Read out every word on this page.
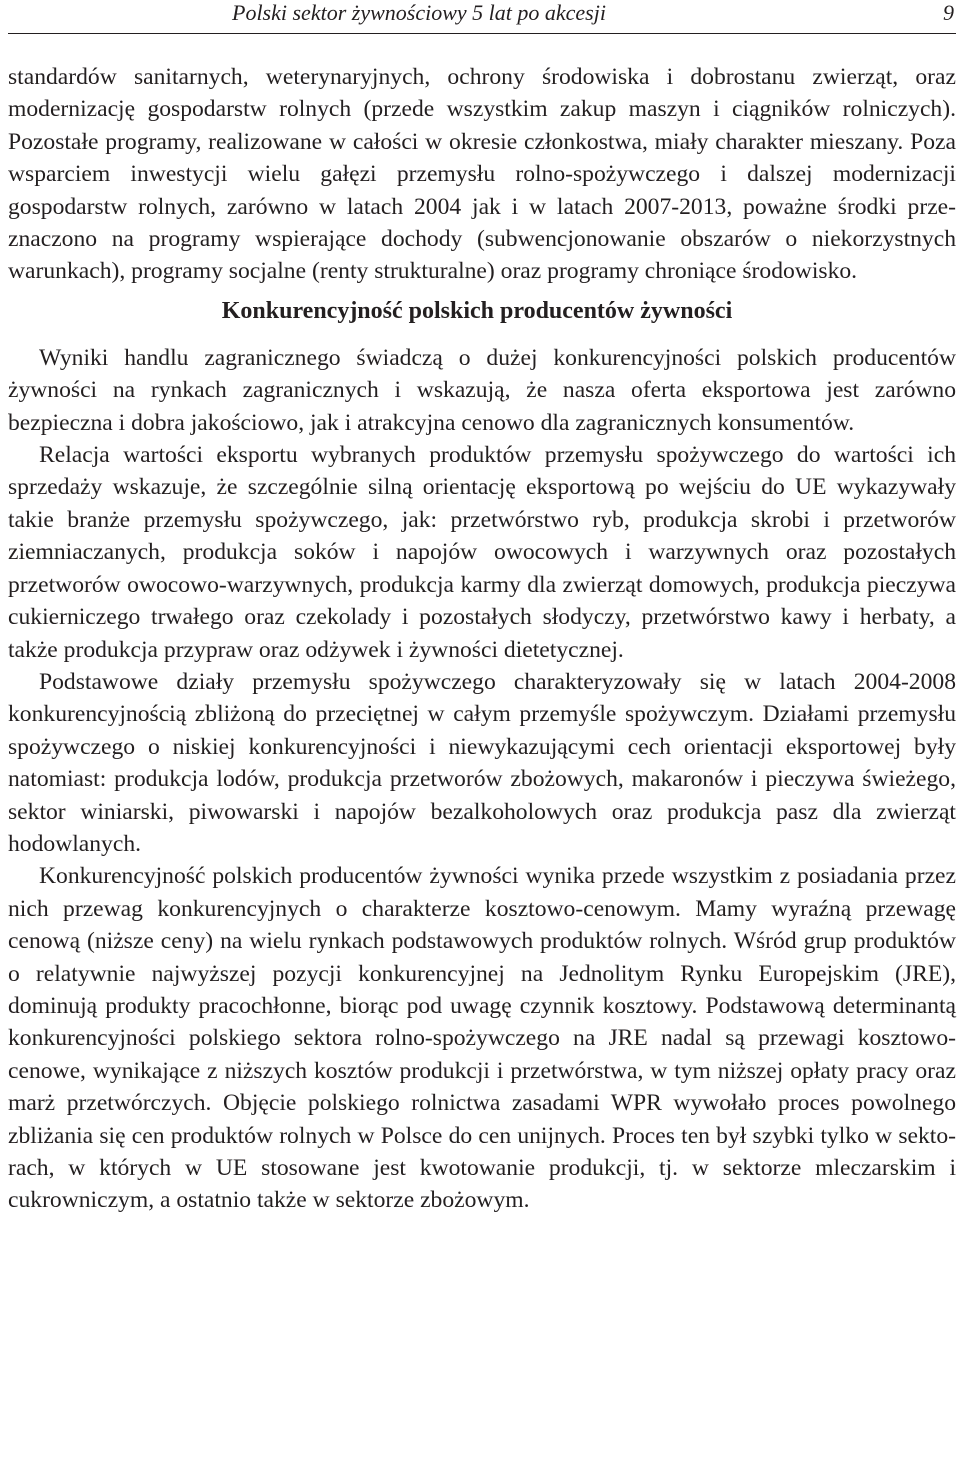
Polski sektor żywnościowy 5 lat po akcesji	9

standardów sanitarnych, weterynaryjnych, ochrony środowiska i dobrostanu zwierząt, oraz modernizację gospodarstw rolnych (przede wszystkim zakup maszyn i ciągników rolniczych). Pozostałe programy, realizowane w całości w okresie członkostwa, miały charakter mieszany. Poza wsparciem inwestycji wielu gałęzi przemysłu rolno-spożywczego i dalszej modernizacji gospodarstw rolnych, zarówno w latach 2004 jak i w latach 2007-2013, poważne środki przeznaczono na programy wspierające dochody (subwencjonowanie obszarów o niekorzystnych warunkach), programy socjalne (renty strukturalne) oraz programy chroniące środowisko.

Konkurencyjność polskich producentów żywności

Wyniki handlu zagranicznego świadczą o dużej konkurencyjności polskich producentów żywności na rynkach zagranicznych i wskazują, że nasza oferta eksportowa jest zarówno bezpieczna i dobra jakościowo, jak i atrakcyjna cenowo dla zagranicznych konsumentów.

Relacja wartości eksportu wybranych produktów przemysłu spożywczego do wartości ich sprzedaży wskazuje, że szczególnie silną orientację eksportową po wejściu do UE wykazywały takie branże przemysłu spożywczego, jak: przetwórstwo ryb, produkcja skrobi i przetworów ziemniaczanych, produkcja soków i napojów owocowych i warzywnych oraz pozostałych przetworów owocowo-warzywnych, produkcja karmy dla zwierząt domowych, produkcja pieczywa cukierniczego trwałego oraz czekolady i pozostałych słodyczy, przetwórstwo kawy i herbaty, a także produkcja przypraw oraz odżywek i żywności dietetycznej.

Podstawowe działy przemysłu spożywczego charakteryzowały się w latach 2004-2008 konkurencyjnością zbliżoną do przeciętnej w całym przemyśle spożywczym. Działami przemysłu spożywczego o niskiej konkurencyjności i niewykazującymi cech orientacji eksportowej były natomiast: produkcja lodów, produkcja przetworów zbożowych, makaronów i pieczywa świeżego, sektor winiarski, piwowarski i napojów bezalkoholowych oraz produkcja pasz dla zwierząt hodowlanych.

Konkurencyjność polskich producentów żywności wynika przede wszystkim z posiadania przez nich przewag konkurencyjnych o charakterze kosztowo-cenowym. Mamy wyraźną przewagę cenową (niższe ceny) na wielu rynkach podstawowych produktów rolnych. Wśród grup produktów o relatywnie najwyższej pozycji konkurencyjnej na Jednolitym Rynku Europejskim (JRE), dominują produkty pracochłonne, biorąc pod uwagę czynnik kosztowy. Podstawową determinantą konkurencyjności polskiego sektora rolno-spożywczego na JRE nadal są przewagi kosztowo-cenowe, wynikające z niższych kosztów produkcji i przetwórstwa, w tym niższej opłaty pracy oraz marż przetwórczych. Objęcie polskiego rolnictwa zasadami WPR wywołało proces powolnego zbliżania się cen produktów rolnych w Polsce do cen unijnych. Proces ten był szybki tylko w sektorach, w których w UE stosowane jest kwotowanie produkcji, tj. w sektorze mleczarskim i cukrowniczym, a ostatnio także w sektorze zbożowym.
